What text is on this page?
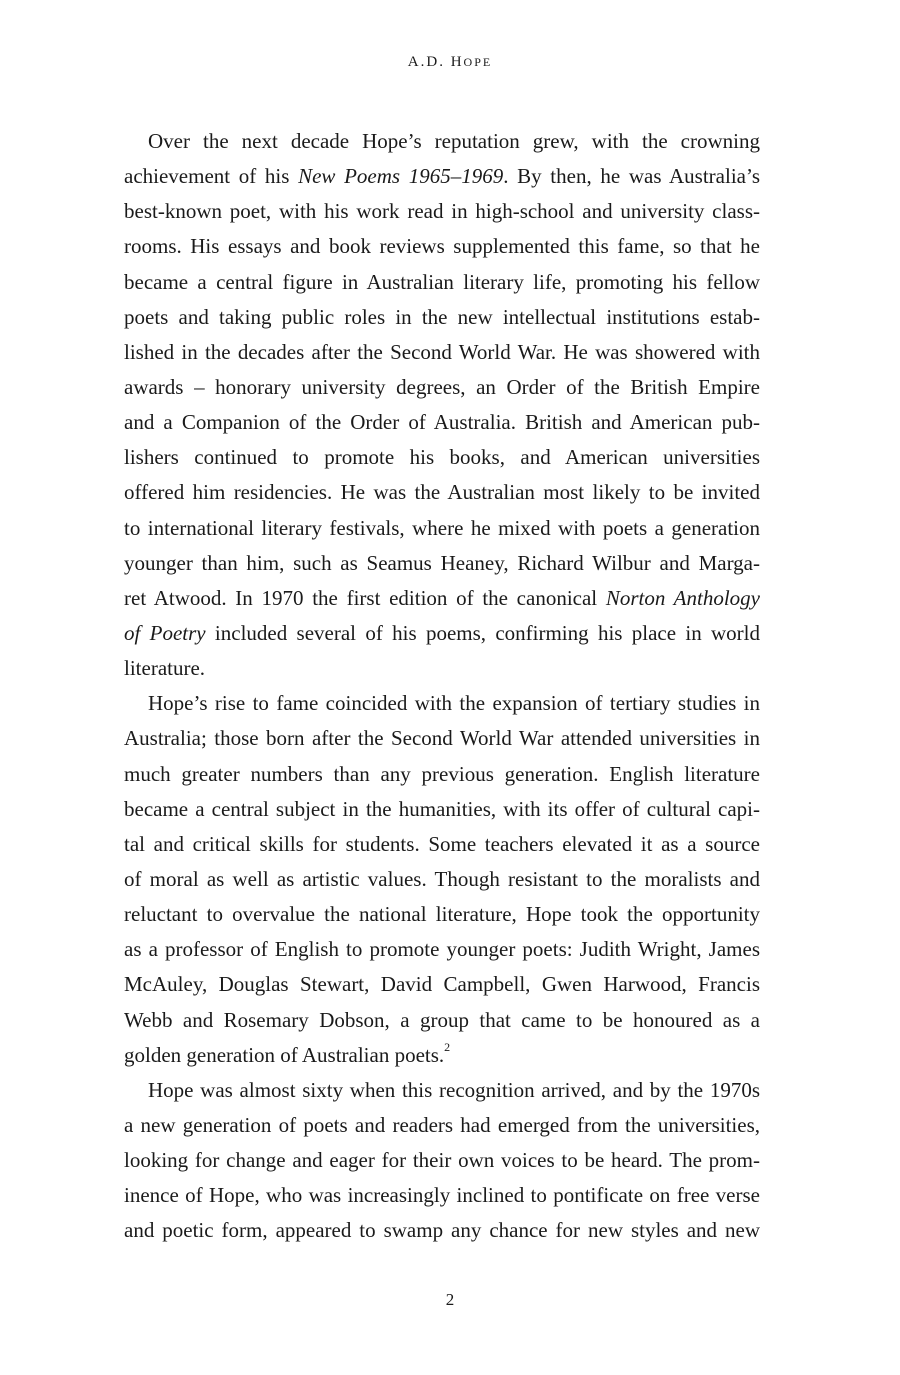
A.D. HOPE
Over the next decade Hope’s reputation grew, with the crowning
achievement of his New Poems 1965–1969. By then, he was Australia’s
best-known poet, with his work read in high-school and university class-
rooms. His essays and book reviews supplemented this fame, so that he
became a central figure in Australian literary life, promoting his fellow
poets and taking public roles in the new intellectual institutions estab-
lished in the decades after the Second World War. He was showered with
awards – honorary university degrees, an Order of the British Empire
and a Companion of the Order of Australia. British and American pub-
lishers continued to promote his books, and American universities
offered him residencies. He was the Australian most likely to be invited
to international literary festivals, where he mixed with poets a generation
younger than him, such as Seamus Heaney, Richard Wilbur and Marga-
ret Atwood. In 1970 the first edition of the canonical Norton Anthology
of Poetry included several of his poems, confirming his place in world
literature.
Hope’s rise to fame coincided with the expansion of tertiary studies in
Australia; those born after the Second World War attended universities in
much greater numbers than any previous generation. English literature
became a central subject in the humanities, with its offer of cultural capi-
tal and critical skills for students. Some teachers elevated it as a source
of moral as well as artistic values. Though resistant to the moralists and
reluctant to overvalue the national literature, Hope took the opportunity
as a professor of English to promote younger poets: Judith Wright, James
McAuley, Douglas Stewart, David Campbell, Gwen Harwood, Francis
Webb and Rosemary Dobson, a group that came to be honoured as a
golden generation of Australian poets.$^2$
Hope was almost sixty when this recognition arrived, and by the 1970s
a new generation of poets and readers had emerged from the universities,
looking for change and eager for their own voices to be heard. The prom-
inence of Hope, who was increasingly inclined to pontificate on free verse
and poetic form, appeared to swamp any chance for new styles and new
2
